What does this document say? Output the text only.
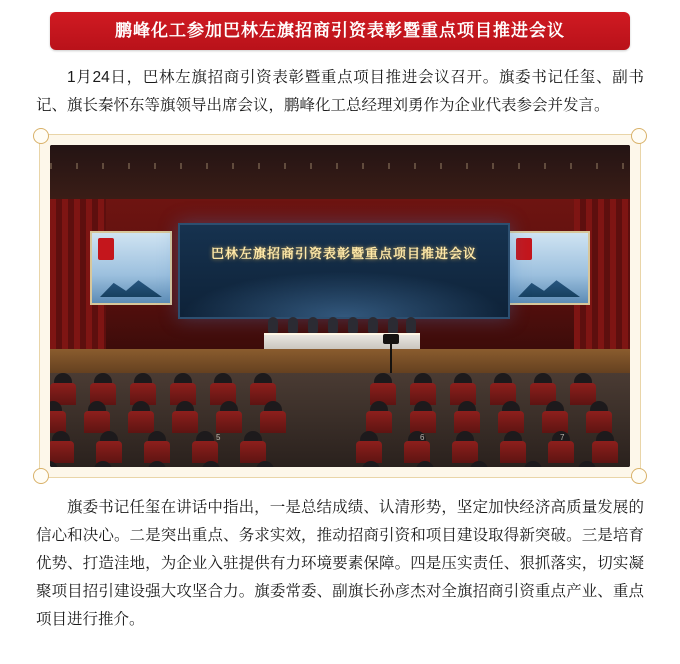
鹏峰化工参加巴林左旗招商引资表彰暨重点项目推进会议

1月24日，巴林左旗招商引资表彰暨重点项目推进会议召开。旗委书记任玺、副书记、旗长秦怀东等旗领导出席会议，鹏峰化工总经理刘勇作为企业代表参会并发言。

巴林左旗招商引资表彰暨重点项目推进会议
5	6	7

旗委书记任玺在讲话中指出，一是总结成绩、认清形势，坚定加快经济高质量发展的信心和决心。二是突出重点、务求实效，推动招商引资和项目建设取得新突破。三是培育优势、打造洼地，为企业入驻提供有力环境要素保障。四是压实责任、狠抓落实，切实凝聚项目招引建设强大攻坚合力。旗委常委、副旗长孙彦杰对全旗招商引资重点产业、重点项目进行推介。
